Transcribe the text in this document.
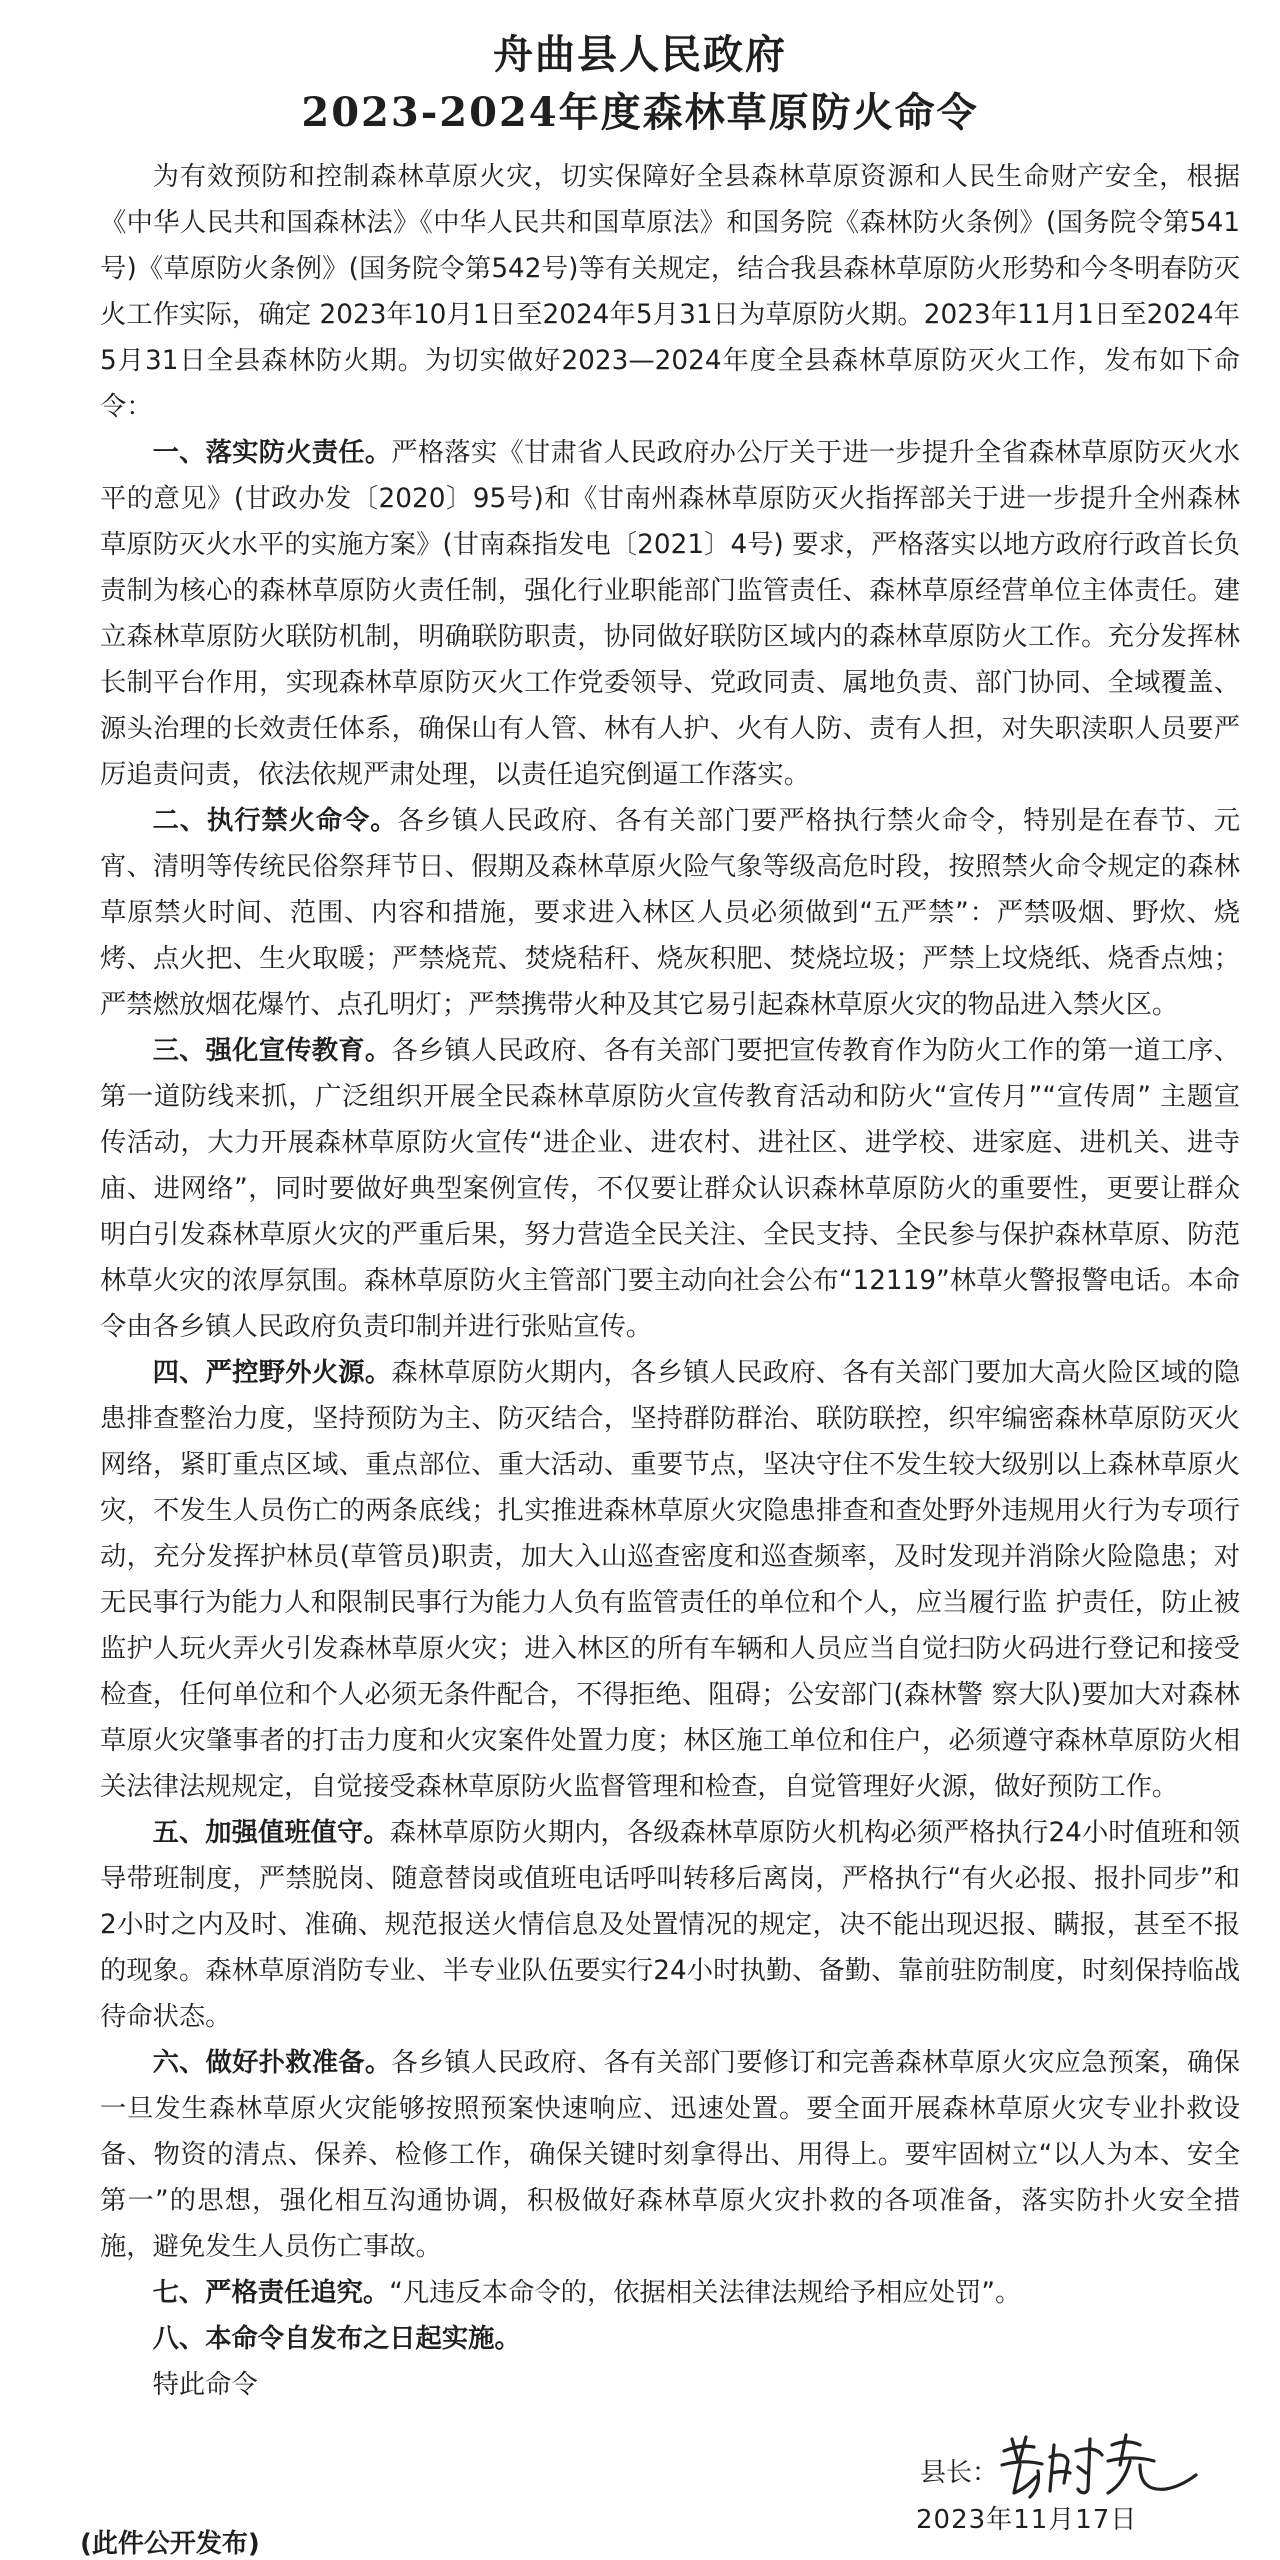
舟曲县人民政府
2023-2024年度森林草原防火命令

为有效预防和控制森林草原火灾，切实保障好全县森林草原资源和人民生命财产安全，根据《中华人民共和国森林法》《中华人民共和国草原法》和国务院《森林防火条例》(国务院令第541号)《草原防火条例》(国务院令第542号)等有关规定，结合我县森林草原防火形势和今冬明春防灭火工作实际，确定 2023年10月1日至2024年5月31日为草原防火期。2023年11月1日至2024年5月31日全县森林防火期。为切实做好2023—2024年度全县森林草原防灭火工作，发布如下命令：

一、落实防火责任。严格落实《甘肃省人民政府办公厅关于进一步提升全省森林草原防灭火水平的意见》(甘政办发〔2020〕95号)和《甘南州森林草原防灭火指挥部关于进一步提升全州森林草原防灭火水平的实施方案》(甘南森指发电〔2021〕4号) 要求，严格落实以地方政府行政首长负责制为核心的森林草原防火责任制，强化行业职能部门监管责任、森林草原经营单位主体责任。建立森林草原防火联防机制，明确联防职责，协同做好联防区域内的森林草原防火工作。充分发挥林长制平台作用，实现森林草原防灭火工作党委领导、党政同责、属地负责、部门协同、全域覆盖、源头治理的长效责任体系，确保山有人管、林有人护、火有人防、责有人担，对失职渎职人员要严厉追责问责，依法依规严肃处理，以责任追究倒逼工作落实。

二、执行禁火命令。各乡镇人民政府、各有关部门要严格执行禁火命令，特别是在春节、元宵、清明等传统民俗祭拜节日、假期及森林草原火险气象等级高危时段，按照禁火命令规定的森林草原禁火时间、范围、内容和措施，要求进入林区人员必须做到“五严禁”：严禁吸烟、野炊、烧烤、点火把、生火取暖；严禁烧荒、焚烧秸秆、烧灰积肥、焚烧垃圾；严禁上坟烧纸、烧香点烛；严禁燃放烟花爆竹、点孔明灯；严禁携带火种及其它易引起森林草原火灾的物品进入禁火区。

三、强化宣传教育。各乡镇人民政府、各有关部门要把宣传教育作为防火工作的第一道工序、第一道防线来抓，广泛组织开展全民森林草原防火宣传教育活动和防火“宣传月”“宣传周” 主题宣传活动，大力开展森林草原防火宣传“进企业、进农村、进社区、进学校、进家庭、进机关、进寺庙、进网络”，同时要做好典型案例宣传，不仅要让群众认识森林草原防火的重要性，更要让群众明白引发森林草原火灾的严重后果，努力营造全民关注、全民支持、全民参与保护森林草原、防范林草火灾的浓厚氛围。森林草原防火主管部门要主动向社会公布“12119”林草火警报警电话。本命令由各乡镇人民政府负责印制并进行张贴宣传。

四、严控野外火源。森林草原防火期内，各乡镇人民政府、各有关部门要加大高火险区域的隐患排查整治力度，坚持预防为主、防灭结合，坚持群防群治、联防联控，织牢编密森林草原防灭火网络，紧盯重点区域、重点部位、重大活动、重要节点，坚决守住不发生较大级别以上森林草原火灾，不发生人员伤亡的两条底线；扎实推进森林草原火灾隐患排查和查处野外违规用火行为专项行动，充分发挥护林员(草管员)职责，加大入山巡查密度和巡查频率，及时发现并消除火险隐患；对无民事行为能力人和限制民事行为能力人负有监管责任的单位和个人，应当履行监 护责任，防止被监护人玩火弄火引发森林草原火灾；进入林区的所有车辆和人员应当自觉扫防火码进行登记和接受检查，任何单位和个人必须无条件配合，不得拒绝、阻碍；公安部门(森林警 察大队)要加大对森林草原火灾肇事者的打击力度和火灾案件处置力度；林区施工单位和住户，必须遵守森林草原防火相关法律法规规定，自觉接受森林草原防火监督管理和检查，自觉管理好火源，做好预防工作。

五、加强值班值守。森林草原防火期内，各级森林草原防火机构必须严格执行24小时值班和领导带班制度，严禁脱岗、随意替岗或值班电话呼叫转移后离岗，严格执行“有火必报、报扑同步”和2小时之内及时、准确、规范报送火情信息及处置情况的规定，决不能出现迟报、瞒报，甚至不报的现象。森林草原消防专业、半专业队伍要实行24小时执勤、备勤、靠前驻防制度，时刻保持临战待命状态。

六、做好扑救准备。各乡镇人民政府、各有关部门要修订和完善森林草原火灾应急预案，确保一旦发生森林草原火灾能够按照预案快速响应、迅速处置。要全面开展森林草原火灾专业扑救设备、物资的清点、保养、检修工作，确保关键时刻拿得出、用得上。要牢固树立“以人为本、安全第一”的思想，强化相互沟通协调，积极做好森林草原火灾扑救的各项准备，落实防扑火安全措施，避免发生人员伤亡事故。

七、严格责任追究。“凡违反本命令的，依据相关法律法规给予相应处罚”。

八、本命令自发布之日起实施。

特此命令

县长：
2023年11月17日
(此件公开发布)
